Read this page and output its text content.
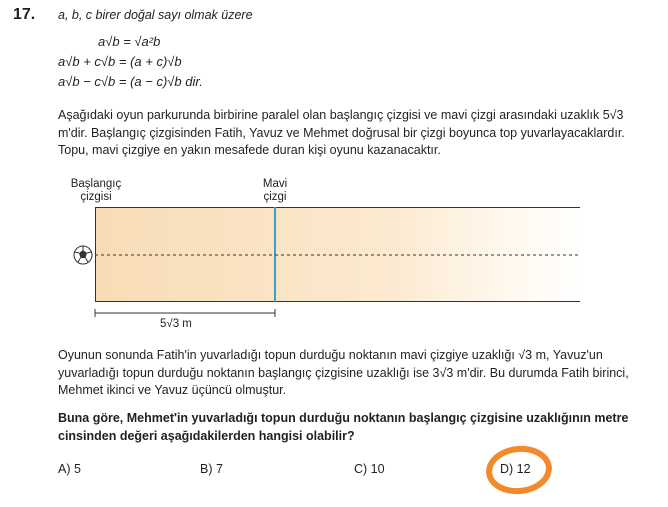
17. a, b, c birer doğal sayı olmak üzere
a√b = √a²b
a√b + c√b = (a + c)√b
a√b − c√b = (a − c)√b dir.
Aşağıdaki oyun parkurunda birbirine paralel olan başlangıç çizgisi ve mavi çizgi arasındaki uzaklık 5√3 m'dir. Başlangıç çizgisinden Fatih, Yavuz ve Mehmet doğrusal bir çizgi boyunca top yuvarlayacaklardır. Topu, mavi çizgiye en yakın mesafede duran kişi oyunu kazanacaktır.
Başlangıç
çizgisi
Mavi
çizgi
5√3 m
Oyunun sonunda Fatih'in yuvarladığı topun durduğu noktanın mavi çizgiye uzaklığı √3 m, Yavuz'un yuvarladığı topun durduğu noktanın başlangıç çizgisine uzaklığı ise 3√3 m'dir. Bu durumda Fatih birinci, Mehmet ikinci ve Yavuz üçüncü olmuştur.
Buna göre, Mehmet'in yuvarladığı topun durduğu noktanın başlangıç çizgisine uzaklığının metre cinsinden değeri aşağıdakilerden hangisi olabilir?
A) 5	B) 7	C) 10	D) 12
